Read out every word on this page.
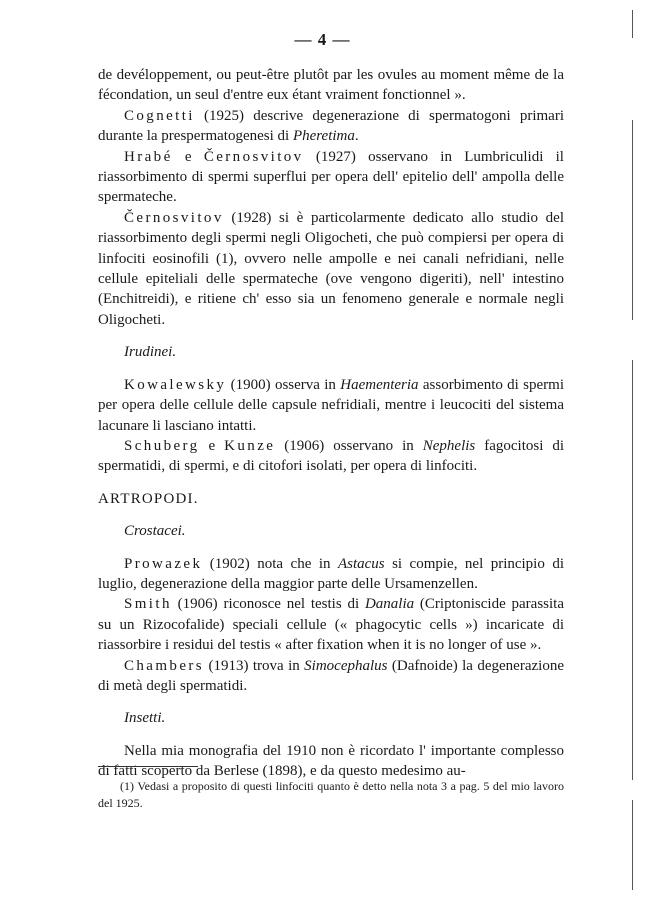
— 4 —

de devéloppement, ou peut-être plutôt par les ovules au moment même de la fécondation, un seul d'entre eux étant vraiment fonctionnel ».

Cognetti (1925) descrive degenerazione di spermatogoni primari durante la prespermatogenesi di Pheretima.

Hrabé e Černosvitov (1927) osservano in Lumbriculidi il riassorbimento di spermi superflui per opera dell' epitelio dell' ampolla delle spermateche.

Černosvitov (1928) si è particolarmente dedicato allo studio del riassorbimento degli spermi negli Oligocheti, che può compiersi per opera di linfociti eosinofili (1), ovvero nelle ampolle e nei canali nefridiani, nelle cellule epiteliali delle spermateche (ove vengono digeriti), nell' intestino (Enchitreidi), e ritiene ch' esso sia un fenomeno generale e normale negli Oligocheti.

Irudinei.

Kowalewsky (1900) osserva in Haementeria assorbimento di spermi per opera delle cellule delle capsule nefridiali, mentre i leucociti del sistema lacunare li lasciano intatti.

Schuberg e Kunze (1906) osservano in Nephelis fagocitosi di spermatidi, di spermi, e di citofori isolati, per opera di linfociti.

ARTROPODI.

Crostacei.

Prowazek (1902) nota che in Astacus si compie, nel principio di luglio, degenerazione della maggior parte delle Ursamenzellen.

Smith (1906) riconosce nel testis di Danalia (Criptoniscide parassita su un Rizocofalide) speciali cellule (« phagocytic cells ») incaricate di riassorbire i residui del testis « after fixation when it is no longer of use ».

Chambers (1913) trova in Simocephalus (Dafnoide) la degenerazione di metà degli spermatidi.

Insetti.

Nella mia monografia del 1910 non è ricordato l' importante complesso di fatti scoperto da Berlese (1898), e da questo medesimo au-

(1) Vedasi a proposito di questi linfociti quanto è detto nella nota 3 a pag. 5 del mio lavoro del 1925.
